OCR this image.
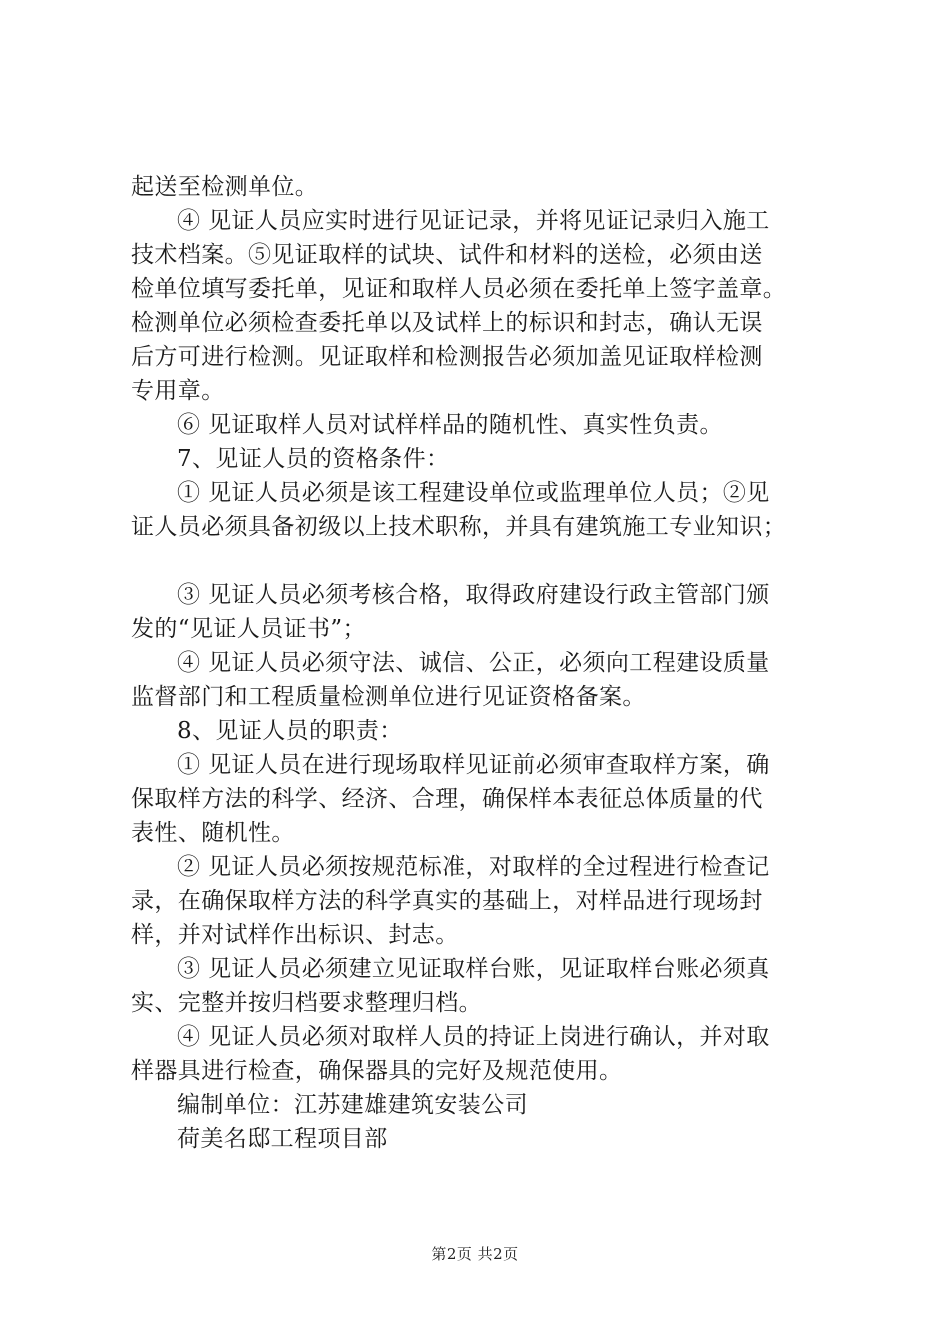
起送至检测单位。
④ 见证人员应实时进行见证记录，并将见证记录归入施工
技术档案。⑤见证取样的试块、试件和材料的送检，必须由送
检单位填写委托单，见证和取样人员必须在委托单上签字盖章。
检测单位必须检查委托单以及试样上的标识和封志，确认无误
后方可进行检测。见证取样和检测报告必须加盖见证取样检测
专用章。
⑥ 见证取样人员对试样样品的随机性、真实性负责。
7、见证人员的资格条件：
① 见证人员必须是该工程建设单位或监理单位人员；②见
证人员必须具备初级以上技术职称，并具有建筑施工专业知识；
③ 见证人员必须考核合格，取得政府建设行政主管部门颁
发的“见证人员证书”；
④ 见证人员必须守法、诚信、公正，必须向工程建设质量
监督部门和工程质量检测单位进行见证资格备案。
8、见证人员的职责：
① 见证人员在进行现场取样见证前必须审查取样方案，确
保取样方法的科学、经济、合理，确保样本表征总体质量的代
表性、随机性。
② 见证人员必须按规范标准，对取样的全过程进行检查记
录，在确保取样方法的科学真实的基础上，对样品进行现场封
样，并对试样作出标识、封志。
③ 见证人员必须建立见证取样台账，见证取样台账必须真
实、完整并按归档要求整理归档。
④ 见证人员必须对取样人员的持证上岗进行确认，并对取
样器具进行检查，确保器具的完好及规范使用。
编制单位：江苏建雄建筑安装公司
荷美名邸工程项目部
第2页 共2页
